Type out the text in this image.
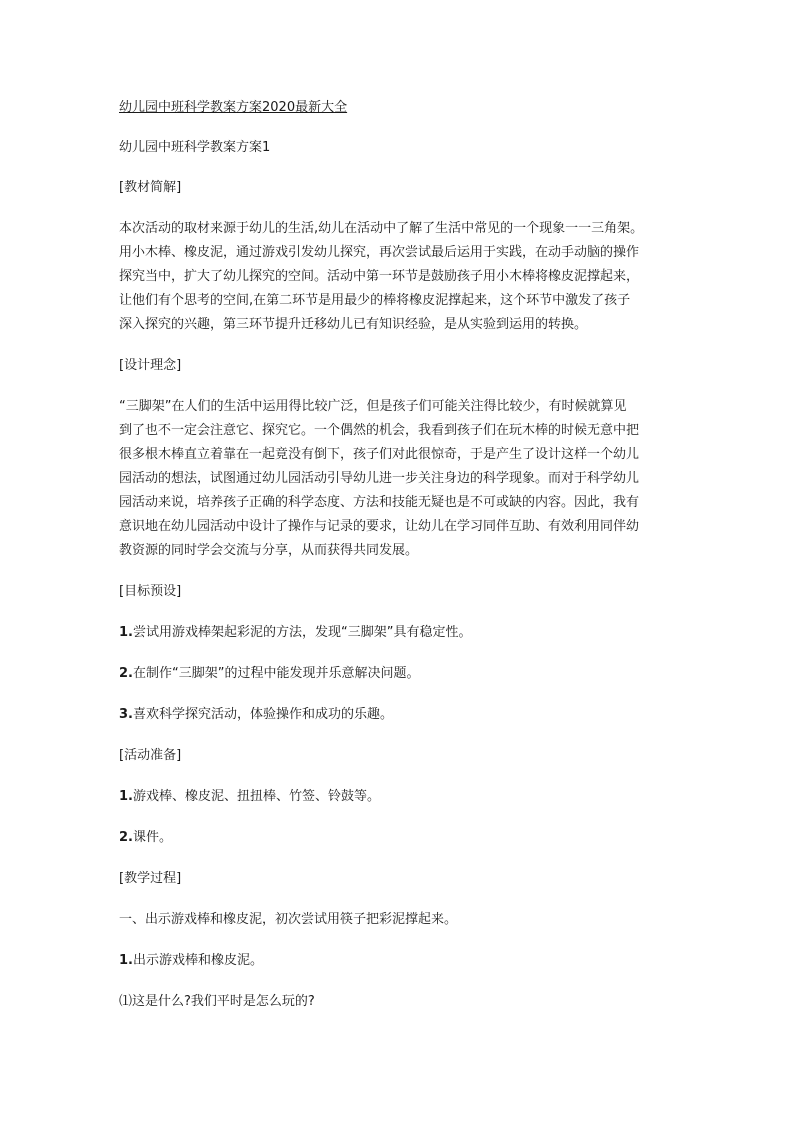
幼儿园中班科学教案方案2020最新大全

幼儿园中班科学教案方案1

[教材简解]

本次活动的取材来源于幼儿的生活,幼儿在活动中了解了生活中常见的一个现象一一三角架。
用小木棒、橡皮泥，通过游戏引发幼儿探究，再次尝试最后运用于实践，在动手动脑的操作
探究当中，扩大了幼儿探究的空间。活动中第一环节是鼓励孩子用小木棒将橡皮泥撑起来，
让他们有个思考的空间,在第二环节是用最少的棒将橡皮泥撑起来，这个环节中激发了孩子
深入探究的兴趣，第三环节提升迁移幼儿已有知识经验，是从实验到运用的转换。

[设计理念]

“三脚架”在人们的生活中运用得比较广泛，但是孩子们可能关注得比较少，有时候就算见
到了也不一定会注意它、探究它。一个偶然的机会，我看到孩子们在玩木棒的时候无意中把
很多根木棒直立着靠在一起竟没有倒下，孩子们对此很惊奇，于是产生了设计这样一个幼儿
园活动的想法，试图通过幼儿园活动引导幼儿进一步关注身边的科学现象。而对于科学幼儿
园活动来说，培养孩子正确的科学态度、方法和技能无疑也是不可或缺的内容。因此，我有
意识地在幼儿园活动中设计了操作与记录的要求，让幼儿在学习同伴互助、有效利用同伴幼
教资源的同时学会交流与分享，从而获得共同发展。

[目标预设]

1.尝试用游戏棒架起彩泥的方法，发现“三脚架”具有稳定性。

2.在制作“三脚架”的过程中能发现并乐意解决问题。

3.喜欢科学探究活动，体验操作和成功的乐趣。

[活动准备]

1.游戏棒、橡皮泥、扭扭棒、竹签、铃鼓等。

2.课件。

[教学过程]

一、出示游戏棒和橡皮泥，初次尝试用筷子把彩泥撑起来。

1.出示游戏棒和橡皮泥。

⑴这是什么?我们平时是怎么玩的?
